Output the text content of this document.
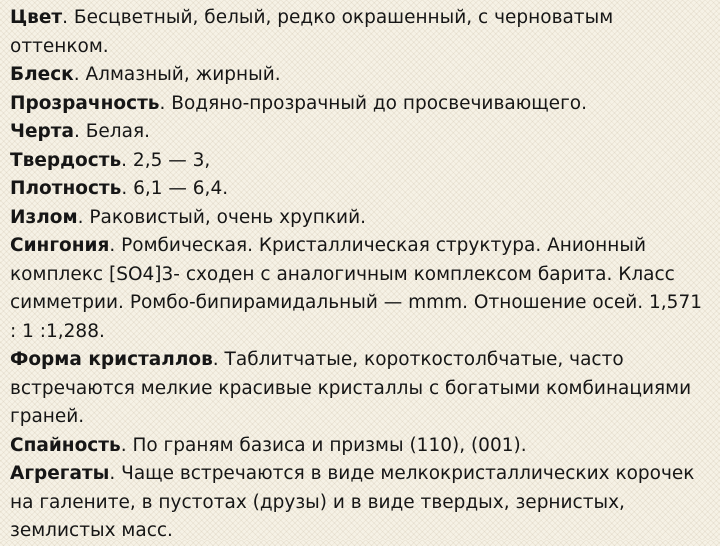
Цвет. Бесцветный, белый, редко окрашенный, с черноватым оттенком.

Блеск. Алмазный, жирный.

Прозрачность. Водяно-прозрачный до просвечивающего.

Черта. Белая.

Твердость. 2,5 — 3,

Плотность. 6,1 — 6,4.

Излом. Раковистый, очень хрупкий.

Сингония. Ромбическая. Кристаллическая структура. Анионный комплекс [SO4]3- сходен с аналогичным комплексом барита. Класс симметрии. Ромбо-бипирамидальный — mmm. Отношение осей. 1,571 : 1 :1,288.

Форма кристаллов. Таблитчатые, короткостолбчатые, часто встречаются мелкие красивые кристаллы с богатыми комбинациями граней.

Спайность. По граням базиса и призмы (110), (001).

Агрегаты. Чаще встречаются в виде мелкокристаллических корочек на галените, в пустотах (друзы) и в виде твердых, зернистых, землистых масс.
